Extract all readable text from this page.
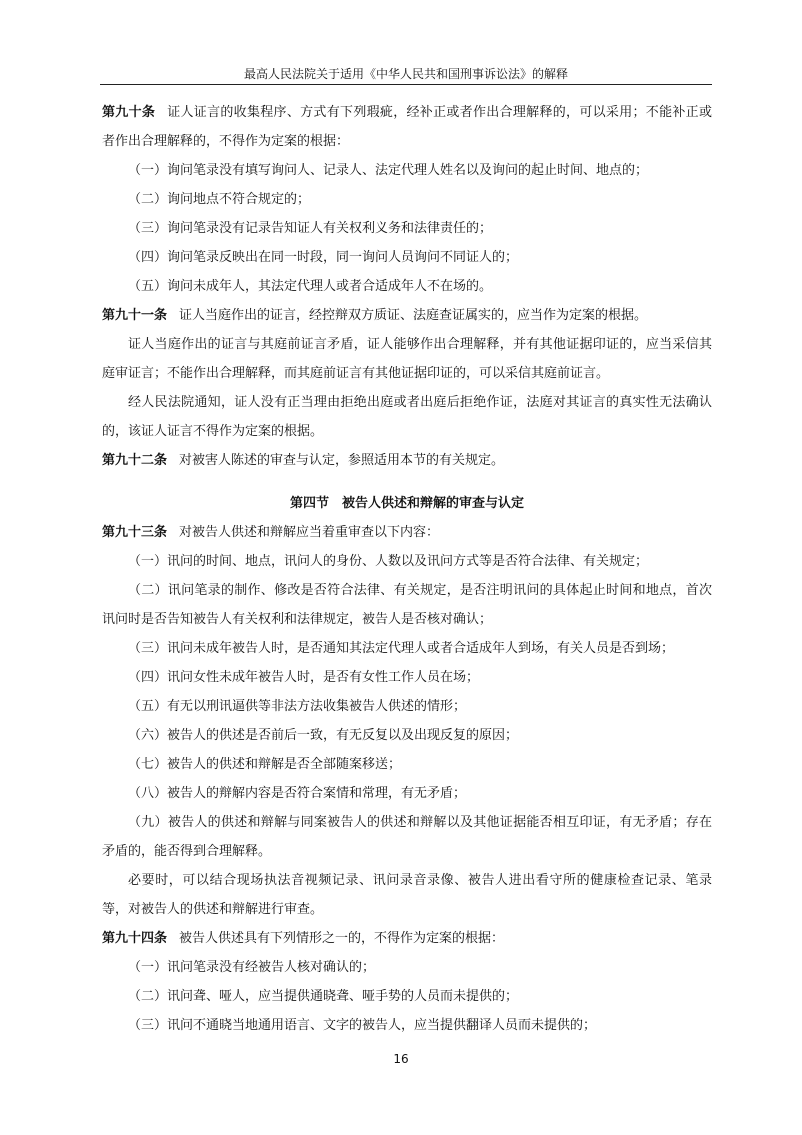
最高人民法院关于适用《中华人民共和国刑事诉讼法》的解释

第九十条 证人证言的收集程序、方式有下列瑕疵，经补正或者作出合理解释的，可以采用；不能补正或者作出合理解释的，不得作为定案的根据：

（一）询问笔录没有填写询问人、记录人、法定代理人姓名以及询问的起止时间、地点的；

（二）询问地点不符合规定的；

（三）询问笔录没有记录告知证人有关权利义务和法律责任的；

（四）询问笔录反映出在同一时段，同一询问人员询问不同证人的；

（五）询问未成年人，其法定代理人或者合适成年人不在场的。

第九十一条 证人当庭作出的证言，经控辩双方质证、法庭查证属实的，应当作为定案的根据。

证人当庭作出的证言与其庭前证言矛盾，证人能够作出合理解释，并有其他证据印证的，应当采信其庭审证言；不能作出合理解释，而其庭前证言有其他证据印证的，可以采信其庭前证言。

经人民法院通知，证人没有正当理由拒绝出庭或者出庭后拒绝作证，法庭对其证言的真实性无法确认的，该证人证言不得作为定案的根据。

第九十二条 对被害人陈述的审查与认定，参照适用本节的有关规定。

第四节　被告人供述和辩解的审查与认定

第九十三条 对被告人供述和辩解应当着重审查以下内容：

（一）讯问的时间、地点，讯问人的身份、人数以及讯问方式等是否符合法律、有关规定；

（二）讯问笔录的制作、修改是否符合法律、有关规定，是否注明讯问的具体起止时间和地点，首次讯问时是否告知被告人有关权利和法律规定，被告人是否核对确认；

（三）讯问未成年被告人时，是否通知其法定代理人或者合适成年人到场，有关人员是否到场；

（四）讯问女性未成年被告人时，是否有女性工作人员在场；

（五）有无以刑讯逼供等非法方法收集被告人供述的情形；

（六）被告人的供述是否前后一致，有无反复以及出现反复的原因；

（七）被告人的供述和辩解是否全部随案移送；

（八）被告人的辩解内容是否符合案情和常理，有无矛盾；

（九）被告人的供述和辩解与同案被告人的供述和辩解以及其他证据能否相互印证，有无矛盾；存在矛盾的，能否得到合理解释。

必要时，可以结合现场执法音视频记录、讯问录音录像、被告人进出看守所的健康检查记录、笔录等，对被告人的供述和辩解进行审查。

第九十四条 被告人供述具有下列情形之一的，不得作为定案的根据：

（一）讯问笔录没有经被告人核对确认的；

（二）讯问聋、哑人，应当提供通晓聋、哑手势的人员而未提供的；

（三）讯问不通晓当地通用语言、文字的被告人，应当提供翻译人员而未提供的；

16
